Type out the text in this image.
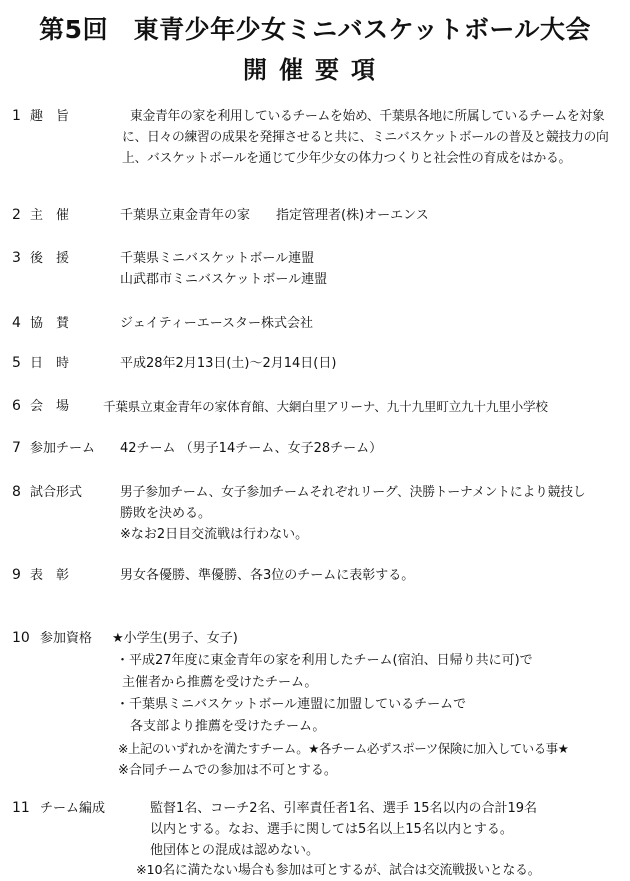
第5回　東青少年少女ミニバスケットボール大会
開催要項
1 趣　旨	東金青年の家を利用しているチームを始め、千葉県各地に所属しているチームを対象
に、日々の練習の成果を発揮させると共に、ミニバスケットボールの普及と競技力の向
上、バスケットボールを通じて少年少女の体力つくりと社会性の育成をはかる。
2 主　催	千葉県立東金青年の家　　指定管理者(株)オーエンス
3 後　援	千葉県ミニバスケットボール連盟
山武郡市ミニバスケットボール連盟
4 協　賛	ジェイティーエースター株式会社
5 日　時	平成28年2月13日(土)～2月14日(日)
6 会　場	千葉県立東金青年の家体育館、大網白里アリーナ、九十九里町立九十九里小学校
7 参加チーム 42チーム （男子14チーム、女子28チーム）
8 試合形式	男子参加チーム、女子参加チームそれぞれリーグ、決勝トーナメントにより競技し
勝敗を決める。
※なお2日目交流戦は行わない。
9 表　彰	男女各優勝、準優勝、各3位のチームに表彰する。
10 参加資格 ★小学生(男子、女子)
・平成27年度に東金青年の家を利用したチーム(宿泊、日帰り共に可)で
主催者から推薦を受けたチーム。
・千葉県ミニバスケットボール連盟に加盟しているチームで
各支部より推薦を受けたチーム。
※上記のいずれかを満たすチーム。★各チーム必ずスポーツ保険に加入している事★
※合同チームでの参加は不可とする。
11 チーム編成	監督1名、コーチ2名、引率責任者1名、選手 15名以内の合計19名
以内とする。なお、選手に関しては5名以上15名以内とする。
他団体との混成は認めない。
※10名に満たない場合も参加は可とするが、試合は交流戦扱いとなる。
